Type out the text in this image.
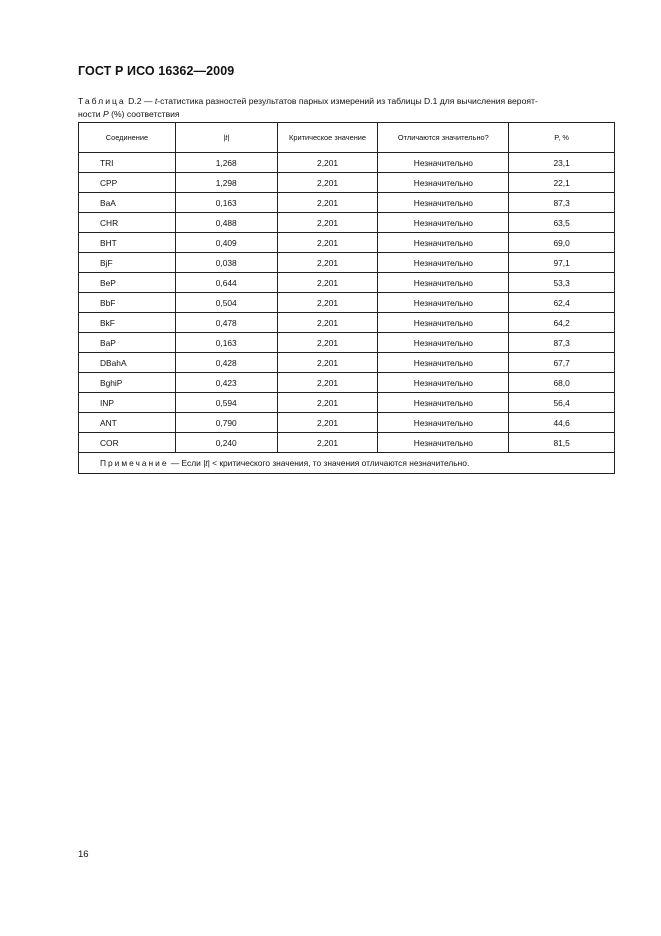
ГОСТ Р ИСО 16362—2009
Таблица D.2 — t-статистика разностей результатов парных измерений из таблицы D.1 для вычисления вероят-
ности P (%) соответствия
Соединение	|t|	Критическое значение	Отличаются значительно?	P, %
TRI	1,268	2,201	Незначительно	23,1
CPP	1,298	2,201	Незначительно	22,1
BaA	0,163	2,201	Незначительно	87,3
CHR	0,488	2,201	Незначительно	63,5
BHT	0,409	2,201	Незначительно	69,0
BjF	0,038	2,201	Незначительно	97,1
BeP	0,644	2,201	Незначительно	53,3
BbF	0,504	2,201	Незначительно	62,4
BkF	0,478	2,201	Незначительно	64,2
BaP	0,163	2,201	Незначительно	87,3
DBahA	0,428	2,201	Незначительно	67,7
BghiP	0,423	2,201	Незначительно	68,0
INP	0,594	2,201	Незначительно	56,4
ANT	0,790	2,201	Незначительно	44,6
COR	0,240	2,201	Незначительно	81,5
Примечание — Если |t| < критического значения, то значения отличаются незначительно.				
16
